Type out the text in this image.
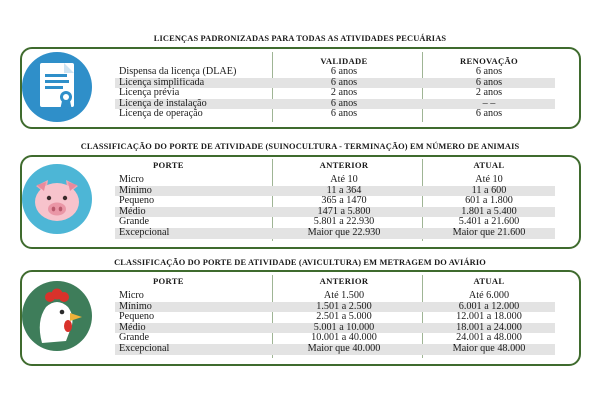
LICENÇAS PADRONIZADAS PARA TODAS AS ATIVIDADES PECUÁRIAS
	VALIDADE	RENOVAÇÃO
Dispensa da licença (DLAE)	6 anos	6 anos
Licença simplificada	6 anos	6 anos
Licença prévia	2 anos	2 anos
Licença de instalação	6 anos	– –
Licença de operação	6 anos	6 anos
CLASSIFICAÇÃO DO PORTE DE ATIVIDADE (SUINOCULTURA - TERMINAÇÃO) EM NÚMERO DE ANIMAIS
PORTE	ANTERIOR	ATUAL

Micro	Até 10	Até 10
Mínimo	11 a 364	11 a 600
Pequeno	365 a 1470	601 a 1.800
Médio	1471 a 5.800	1.801 a 5.400
Grande	5.801 a 22.930	5.401 a 21.600
Excepcional	Maior que 22.930	Maior que 21.600
CLASSIFICAÇÃO DO PORTE DE ATIVIDADE (AVICULTURA) EM METRAGEM DO AVIÁRIO
PORTE	ANTERIOR	ATUAL

Micro	Até 1.500	Até 6.000
Mínimo	1.501 a 2.500	6.001 a 12.000
Pequeno	2.501 a 5.000	12.001 a 18.000
Médio	5.001 a 10.000	18.001 a 24.000
Grande	10.001 a 40.000	24.001 a 48.000
Excepcional	Maior que 40.000	Maior que 48.000
